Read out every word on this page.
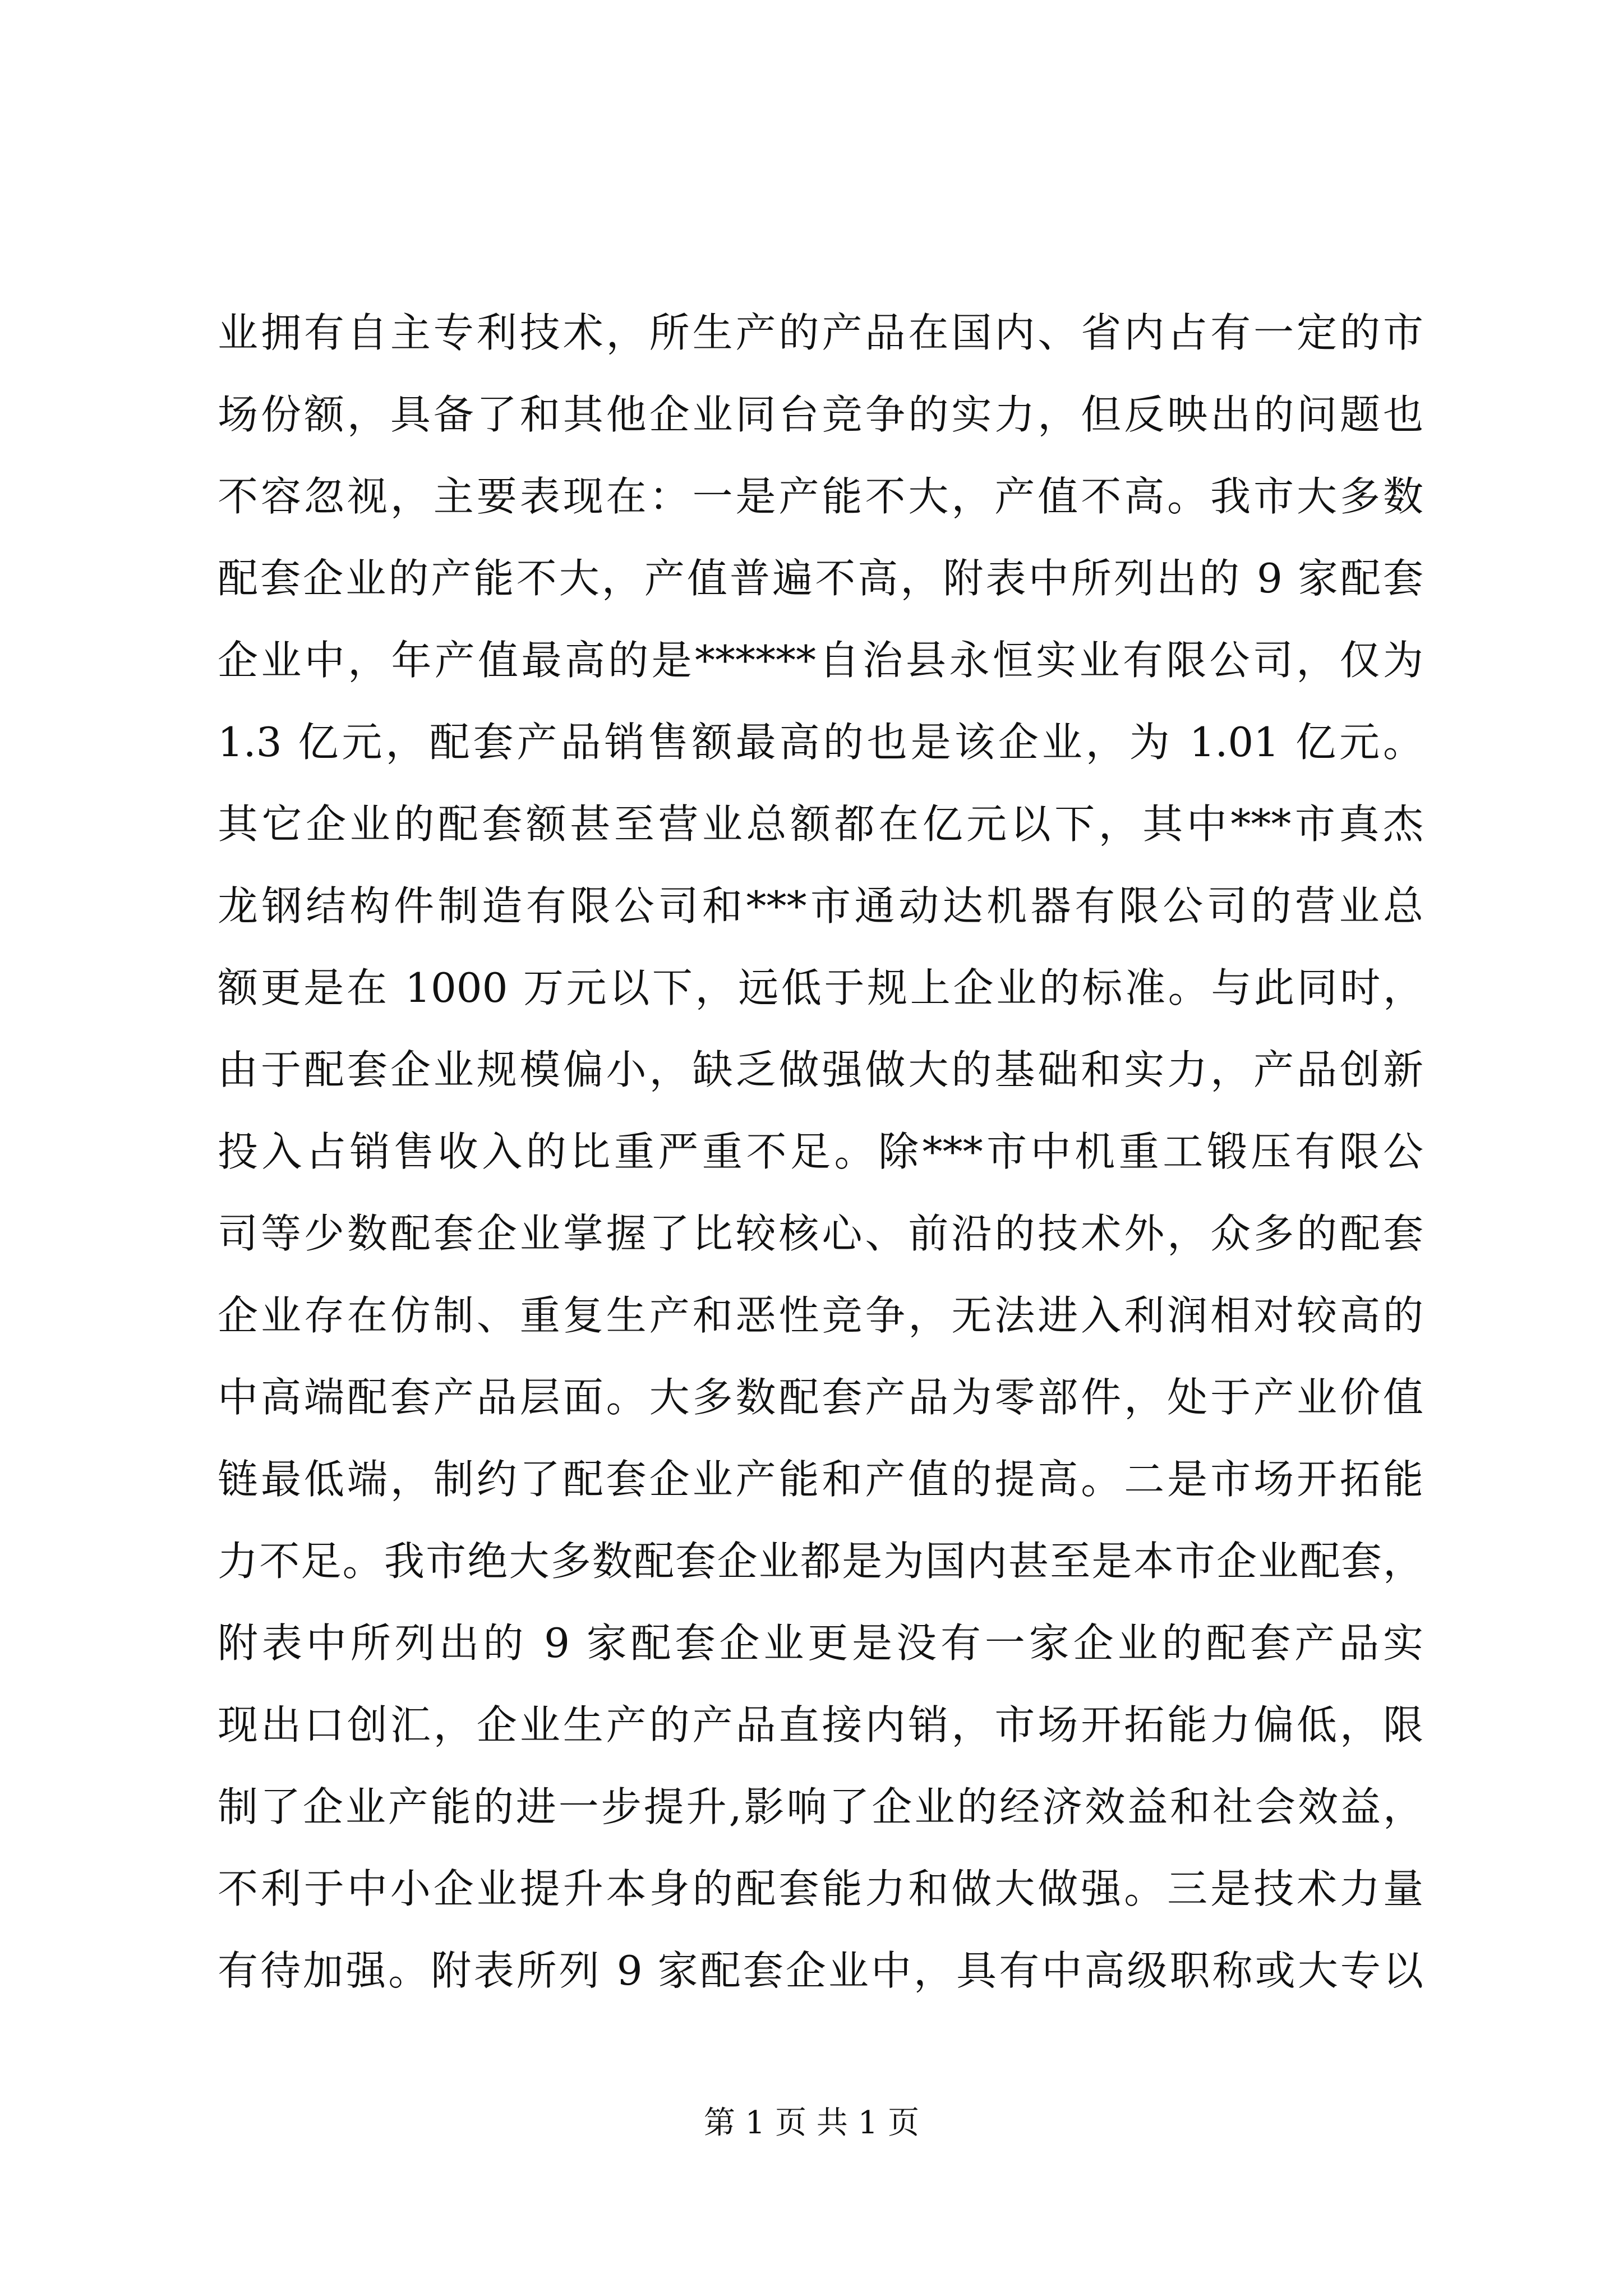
业拥有自主专利技术，所生产的产品在国内、省内占有一定的市
场份额，具备了和其他企业同台竞争的实力，但反映出的问题也
不容忽视，主要表现在：一是产能不大，产值不高。我市大多数
配套企业的产能不大，产值普遍不高，附表中所列出的 9 家配套
企业中，年产值最高的是******自治县永恒实业有限公司，仅为
1.3 亿元，配套产品销售额最高的也是该企业，为 1.01 亿元。
其它企业的配套额甚至营业总额都在亿元以下，其中***市真杰
龙钢结构件制造有限公司和***市通动达机器有限公司的营业总
额更是在 1000 万元以下，远低于规上企业的标准。与此同时，
由于配套企业规模偏小，缺乏做强做大的基础和实力，产品创新
投入占销售收入的比重严重不足。除***市中机重工锻压有限公
司等少数配套企业掌握了比较核心、前沿的技术外，众多的配套
企业存在仿制、重复生产和恶性竞争，无法进入利润相对较高的
中高端配套产品层面。大多数配套产品为零部件，处于产业价值
链最低端，制约了配套企业产能和产值的提高。二是市场开拓能
力不足。我市绝大多数配套企业都是为国内甚至是本市企业配套，
附表中所列出的 9 家配套企业更是没有一家企业的配套产品实
现出口创汇，企业生产的产品直接内销，市场开拓能力偏低，限
制了企业产能的进一步提升,影响了企业的经济效益和社会效益，
不利于中小企业提升本身的配套能力和做大做强。三是技术力量
有待加强。附表所列 9 家配套企业中，具有中高级职称或大专以
第 1 页 共 1 页
